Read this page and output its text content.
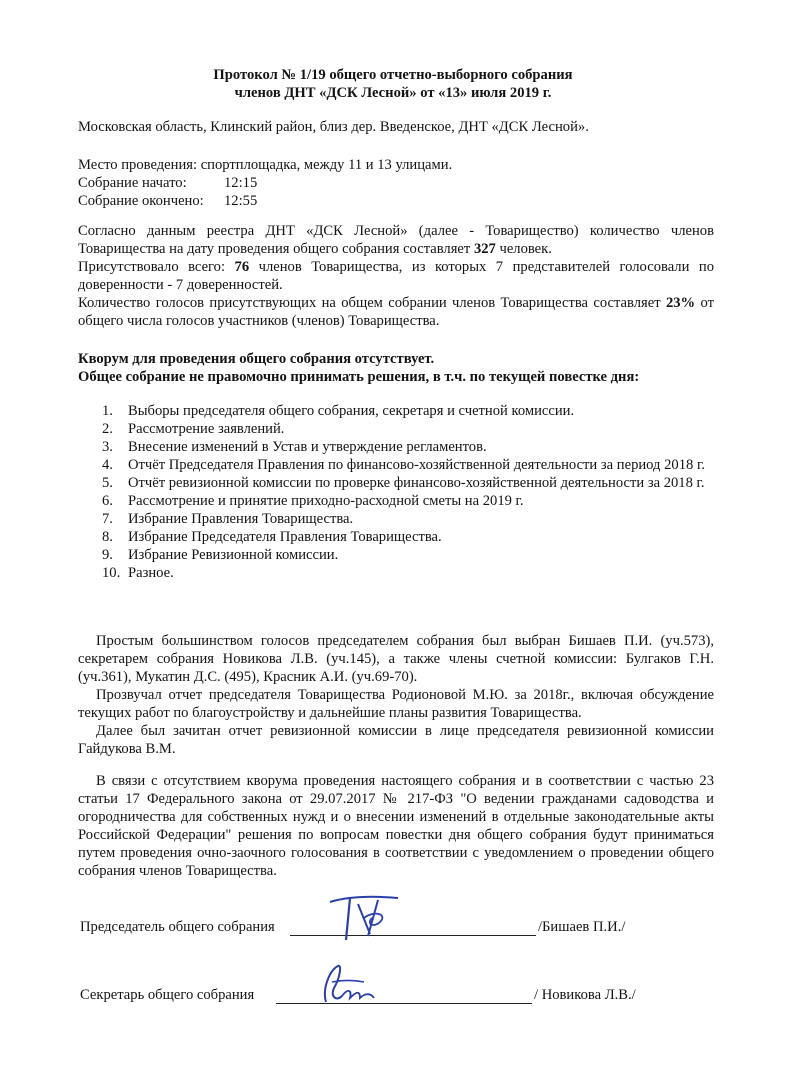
Протокол № 1/19 общего отчетно-выборного собрания
членов ДНТ «ДСК Лесной» от «13» июля 2019 г.

Московская область, Клинский район, близ дер. Введенское, ДНТ «ДСК Лесной».

Место проведения: спортплощадка, между 11 и 13 улицами.
Собрание начато:	12:15
Собрание окончено: 12:55

Согласно данным реестра ДНТ «ДСК Лесной» (далее - Товарищество) количество членов Товарищества на дату проведения общего собрания составляет 327 человек.

Присутствовало всего: 76 членов Товарищества, из которых 7 представителей голосовали по доверенности - 7 доверенностей.

Количество голосов присутствующих на общем собрании членов Товарищества составляет 23% от общего числа голосов участников (членов) Товарищества.

Кворум для проведения общего собрания отсутствует.
Общее собрание не правомочно принимать решения, в т.ч. по текущей повестке дня:
1. Выборы председателя общего собрания, секретаря и счетной комиссии.
2. Рассмотрение заявлений.
3. Внесение изменений в Устав и утверждение регламентов.
4. Отчёт Председателя Правления по финансово-хозяйственной деятельности за период 2018 г.
5. Отчёт ревизионной комиссии по проверке финансово-хозяйственной деятельности за 2018 г.
6. Рассмотрение и принятие приходно-расходной сметы на 2019 г.
7. Избрание Правления Товарищества.
8. Избрание Председателя Правления Товарищества.
9. Избрание Ревизионной комиссии.
10. Разное.

Простым большинством голосов председателем собрания был выбран Бишаев П.И. (уч.573), секретарем собрания Новикова Л.В. (уч.145), а также члены счетной комиссии: Булгаков Г.Н. (уч.361), Мукатин Д.С. (495), Красник А.И. (уч.69-70).

Прозвучал отчет председателя Товарищества Родионовой М.Ю. за 2018г., включая обсуждение текущих работ по благоустройству и дальнейшие планы развития Товарищества.

Далее был зачитан отчет ревизионной комиссии в лице председателя ревизионной комиссии Гайдукова В.М.

В связи с отсутствием кворума проведения настоящего собрания и в соответствии с частью 23 статьи 17 Федерального закона от 29.07.2017 № 217-ФЗ "О ведении гражданами садоводства и огородничества для собственных нужд и о внесении изменений в отдельные законодательные акты Российской Федерации" решения по вопросам повестки дня общего собрания будут приниматься путем проведения очно-заочного голосования в соответствии с уведомлением о проведении общего собрания членов Товарищества.

Председатель общего собрания	/Бишаев П.И./
Секретарь общего собрания	/ Новикова Л.В./
